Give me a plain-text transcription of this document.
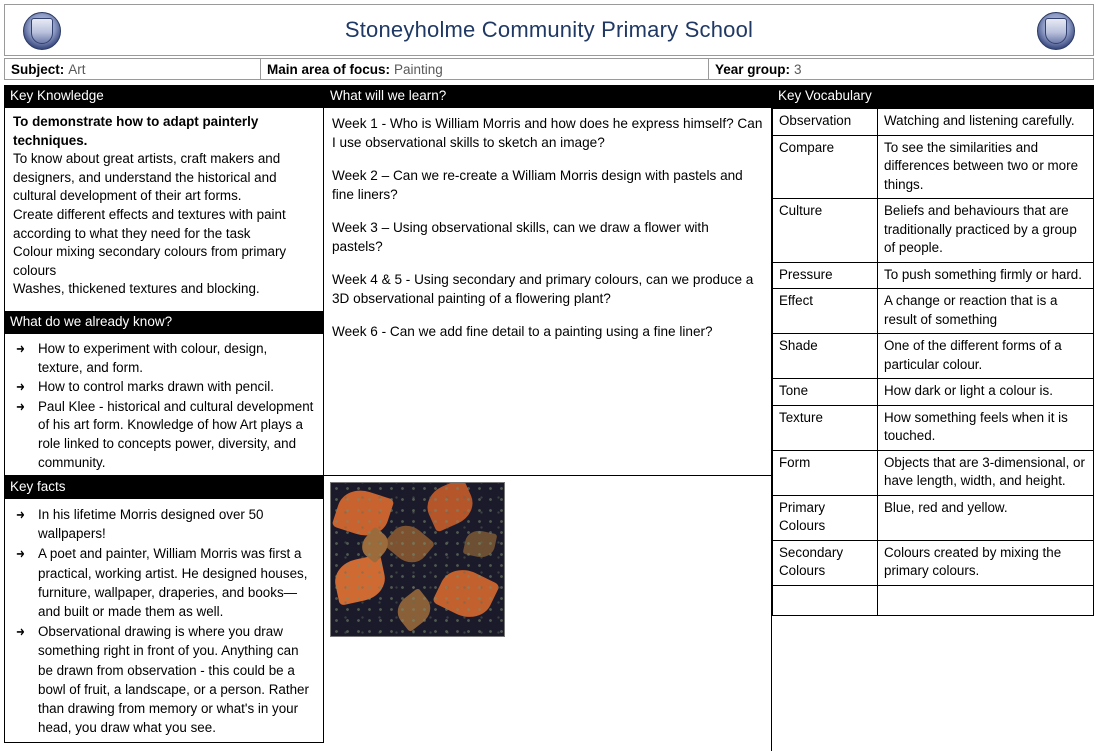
Stoneyholme Community Primary School
Subject: Art	Main area of focus: Painting	Year group: 3
Key Knowledge

To demonstrate how to adapt painterly techniques.

To know about great artists, craft makers and designers, and understand the historical and cultural development of their art forms.

Create different effects and textures with paint according to what they need for the task

Colour mixing secondary colours from primary colours

Washes, thickened textures and blocking.

What do we already know?
➜ How to experiment with colour, design, texture, and form.
➜ How to control marks drawn with pencil.
➜ Paul Klee - historical and cultural development of his art form. Knowledge of how Art plays a role linked to concepts power, diversity, and community.
Key facts
➜ In his lifetime Morris designed over 50 wallpapers!
➜ A poet and painter, William Morris was first a practical, working artist. He designed houses, furniture, wallpaper, draperies, and books—and built or made them as well.
➜ Observational drawing is where you draw something right in front of you. Anything can be drawn from observation - this could be a bowl of fruit, a landscape, or a person. Rather than drawing from memory or what's in your head, you draw what you see.
What will we learn?

Week 1 - Who is William Morris and how does he express himself? Can I use observational skills to sketch an image?

Week 2 – Can we re-create a William Morris design with pastels and fine liners?

Week 3 – Using observational skills, can we draw a flower with pastels?

Week 4 & 5 - Using secondary and primary colours, can we produce a 3D observational painting of a flowering plant?

Week 6 - Can we add fine detail to a painting using a fine liner?

Key Vocabulary
Observation	Watching and listening carefully.
Compare	To see the similarities and differences between two or more things.
Culture	Beliefs and behaviours that are traditionally practiced by a group of people.
Pressure	To push something firmly or hard.
Effect	A change or reaction that is a result of something
Shade	One of the different forms of a particular colour.
Tone	How dark or light a colour is.
Texture	How something feels when it is touched.
Form	Objects that are 3-dimensional, or have length, width, and height.
Primary Colours	Blue, red and yellow.
Secondary Colours	Colours created by mixing the primary colours.
